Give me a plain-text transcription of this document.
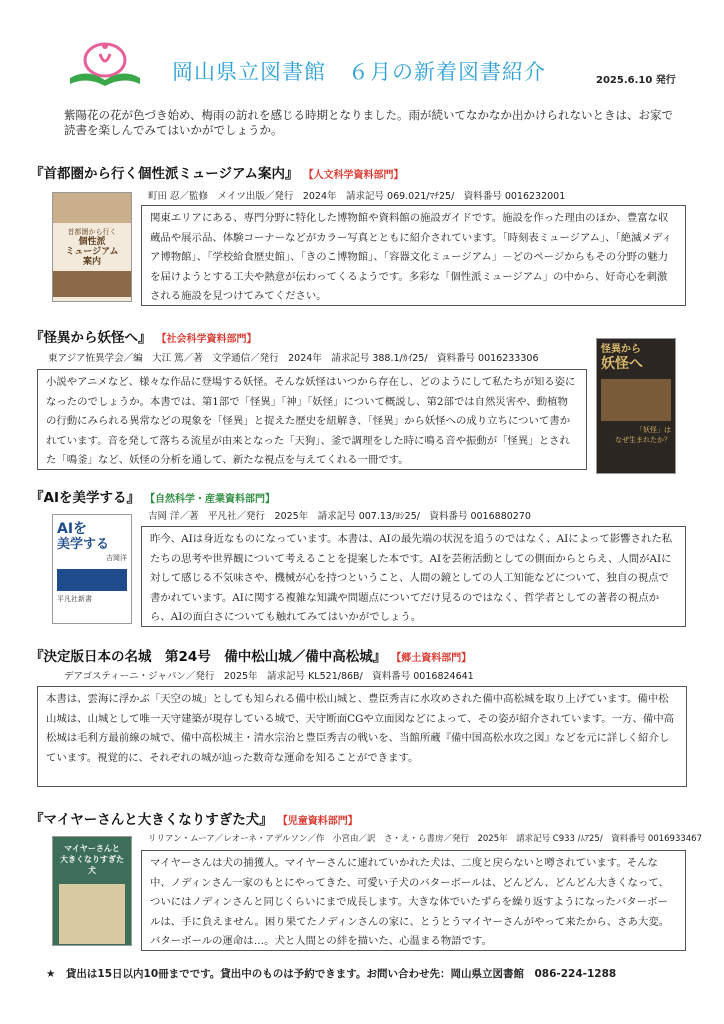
岡山県立図書館　６月の新着図書紹介	2025.6.10 発行
紫陽花の花が色づき始め、梅雨の訪れを感じる時期となりました。雨が続いてなかなか出かけられないときは、お家で読書を楽しんでみてはいかがでしょうか。
『首都圏から行く個性派ミュージアム案内』 【人文科学資料部門】
町田 忍／監修　メイツ出版／発行　2024年　請求記号 069.021/ﾏﾁ25/　資料番号 0016232001
首都圏から行く
個性派
ミュージアム
案内
関東エリアにある、専門分野に特化した博物館や資料館の施設ガイドです。施設を作った理由のほか、豊富な収蔵品や展示品、体験コーナーなどがカラー写真とともに紹介されています。「時刻表ミュージアム」、「絶滅メディア博物館」、「学校給食歴史館」、「きのこ博物館」、「容器文化ミュージアム」－どのページからもその分野の魅力を届けようとする工夫や熱意が伝わってくるようです。多彩な「個性派ミュージアム」の中から、好奇心を刺激される施設を見つけてみてください。
『怪異から妖怪へ』 【社会科学資料部門】
東アジア恠異学会／編　大江 篤／著　文学通信／発行　2024年　請求記号 388.1/ｶｲ25/　資料番号 0016233306
小説やアニメなど、様々な作品に登場する妖怪。そんな妖怪はいつから存在し、どのようにして私たちが知る姿になったのでしょうか。本書では、第1部で「怪異」「神」「妖怪」について概説し、第2部では自然災害や、動植物の行動にみられる異常などの現象を「怪異」と捉えた歴史を紐解き、「怪異」から妖怪への成り立ちについて書かれています。音を発して落ちる流星が由来となった「天狗」、釜で調理をした時に鳴る音や振動が「怪異」とされた「鳴釜」など、妖怪の分析を通して、新たな視点を与えてくれる一冊です。
怪異から
妖怪へ
「妖怪」は
なぜ生まれたか？
『AIを美学する』 【自然科学・産業資料部門】
吉岡 洋／著　平凡社／発行　2025年　請求記号 007.13/ﾖｼ25/　資料番号 0016880270
AIを
美学する
吉岡洋
平凡社新書
昨今、AIは身近なものになっています。本書は、AIの最先端の状況を追うのではなく、AIによって影響された私たちの思考や世界観について考えることを提案した本です。AIを芸術活動としての側面からとらえ、人間がAIに対して感じる不気味さや、機械が心を持つということ、人間の鏡としての人工知能などについて、独自の視点で書かれています。AIに関する複雑な知識や問題点についてだけ見るのではなく、哲学者としての著者の視点から、AIの面白さについても触れてみてはいかがでしょう。
『決定版日本の名城　第24号　備中松山城／備中高松城』 【郷土資料部門】
デアゴスティーニ・ジャパン／発行　2025年　請求記号 KL521/86B/　資料番号 0016824641
本書は、雲海に浮かぶ「天空の城」としても知られる備中松山城と、豊臣秀吉に水攻めされた備中高松城を取り上げています。備中松山城は、山城として唯一天守建築が現存している城で、天守断面CGや立面図などによって、その姿が紹介されています。一方、備中高松城は毛利方最前線の城で、備中高松城主・清水宗治と豊臣秀吉の戦いを、当館所蔵『備中国高松水攻之図』などを元に詳しく紹介しています。視覚的に、それぞれの城が辿った数奇な運命を知ることができます。
『マイヤーさんと大きくなりすぎた犬』 【児童資料部門】
リリアン・ムーア／レオーネ・アデルソン／作　小宮由／訳　さ・え・ら書房／発行　2025年　請求記号 C933 /ﾑｱ25/　資料番号 0016933467
マイヤーさんと
大きくなりすぎた犬
マイヤーさんは犬の捕獲人。マイヤーさんに連れていかれた犬は、二度と戻らないと噂されています。そんな中、ノディンさん一家のもとにやってきた、可愛い子犬のバターボールは、どんどん、どんどん大きくなって、ついにはノディンさんと同じくらいにまで成長します。大きな体でいたずらを繰り返すようになったバターボールは、手に負えません。困り果てたノディンさんの家に、とうとうマイヤーさんがやって来たから、さあ大変。バターボールの運命は…。犬と人間との絆を描いた、心温まる物語です。
★　貸出は15日以内10冊までです。貸出中のものは予約できます。お問い合わせ先：岡山県立図書館　086-224-1288
